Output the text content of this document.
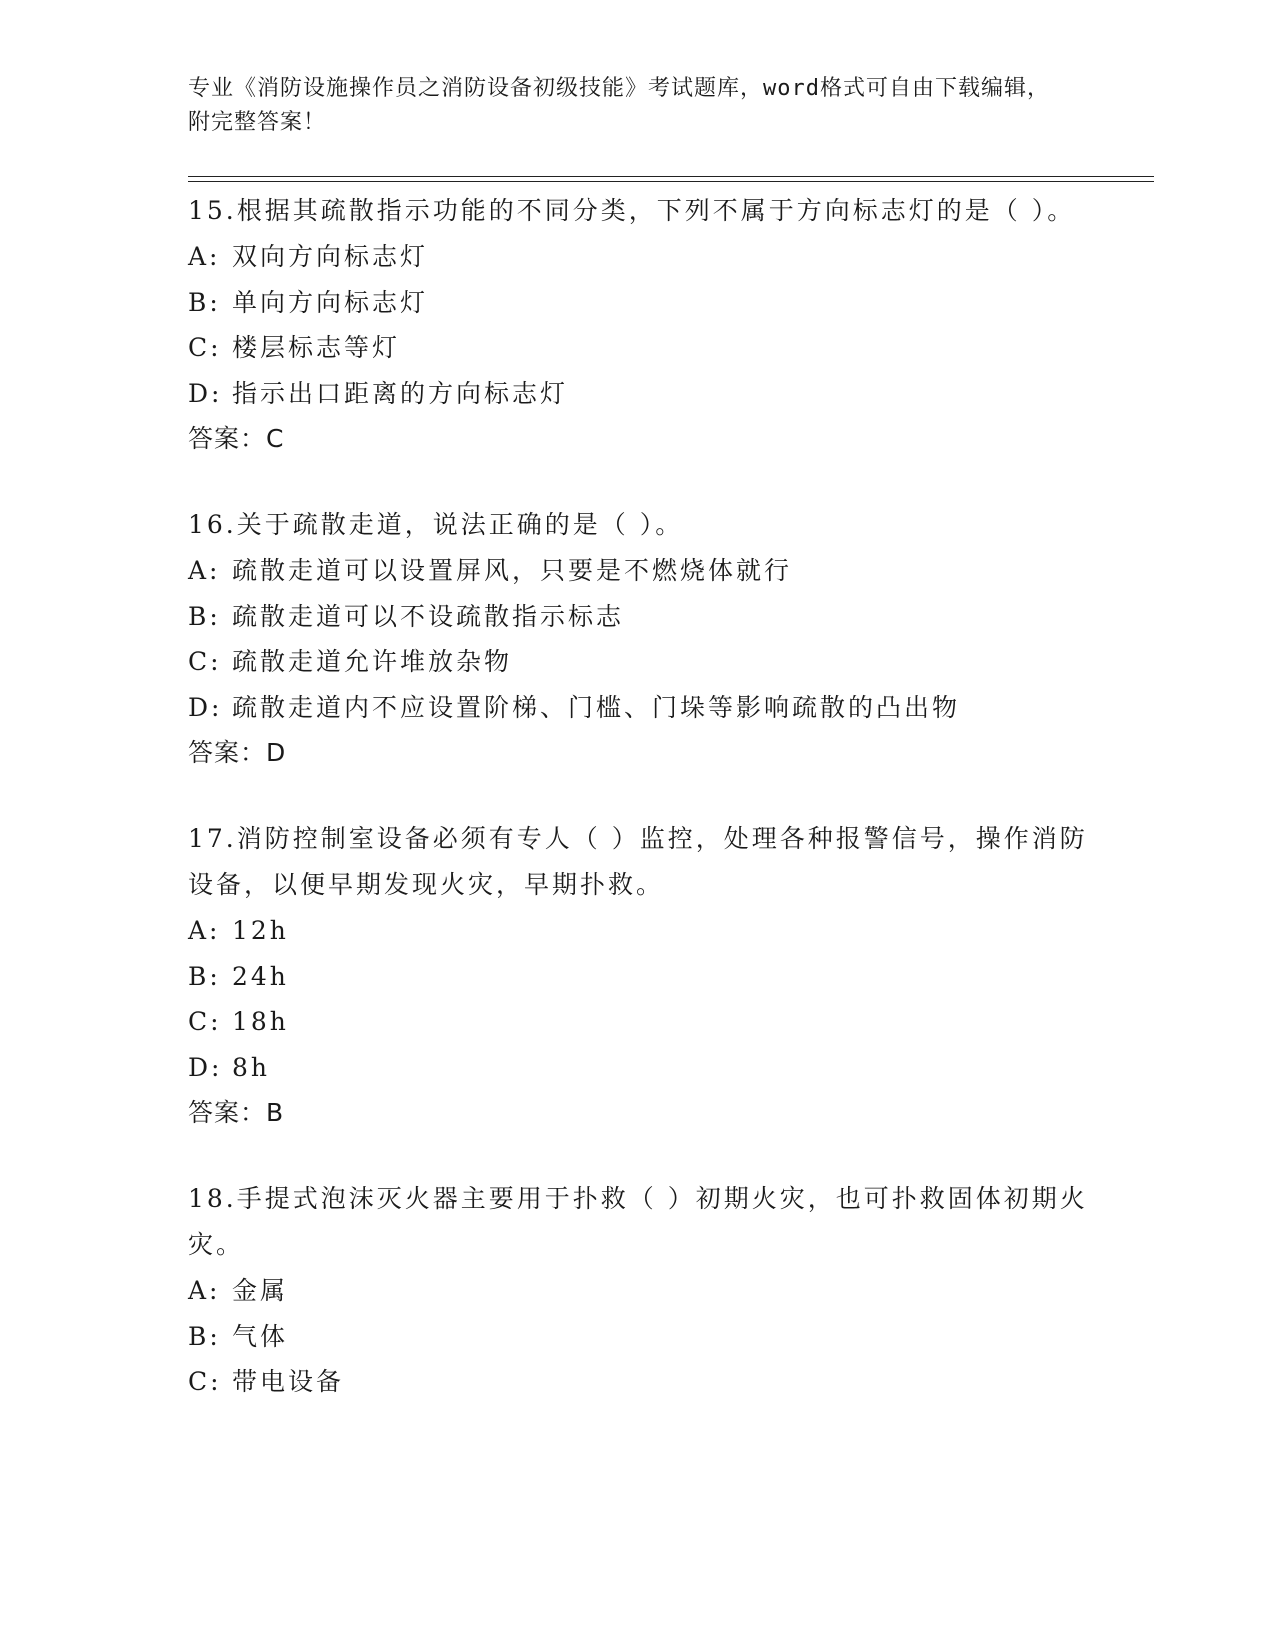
专业《消防设施操作员之消防设备初级技能》考试题库，word格式可自由下载编辑，附完整答案！

15.根据其疏散指示功能的不同分类，下列不属于方向标志灯的是（ ）。

A: 双向方向标志灯

B: 单向方向标志灯

C: 楼层标志等灯

D: 指示出口距离的方向标志灯

答案：C

16.关于疏散走道，说法正确的是（ ）。

A: 疏散走道可以设置屏风，只要是不燃烧体就行

B: 疏散走道可以不设疏散指示标志

C: 疏散走道允许堆放杂物

D: 疏散走道内不应设置阶梯、门槛、门垛等影响疏散的凸出物

答案：D

17.消防控制室设备必须有专人（ ）监控，处理各种报警信号，操作消防设备，以便早期发现火灾，早期扑救。

A: 12h

B: 24h

C: 18h

D: 8h

答案：B

18.手提式泡沫灭火器主要用于扑救（ ）初期火灾，也可扑救固体初期火灾。

A: 金属

B: 气体

C: 带电设备
